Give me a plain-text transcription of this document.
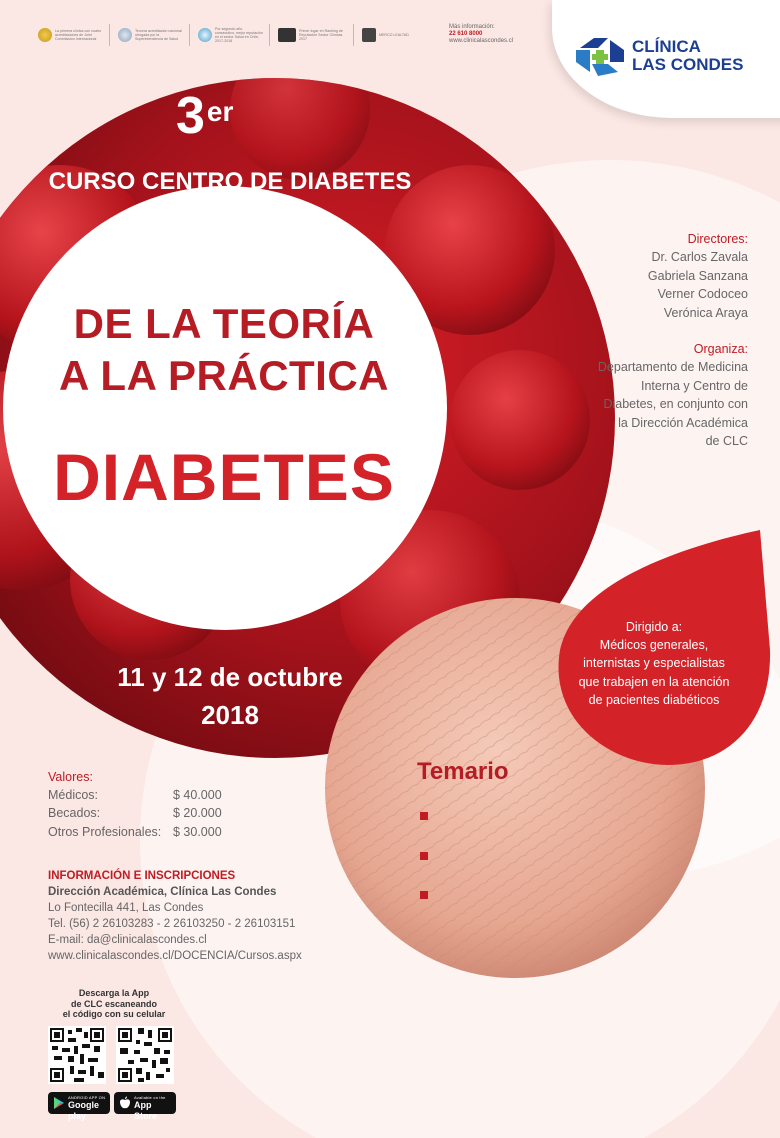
La primera clínica con cuatro acreditaciones de Joint Commission Internacional
Tercera acreditación nacional otorgada por la Superintendencia de Salud
Por segundo año consecutivo, mejor reputación en el sector Salud en Chile, 2017-2018
Primer lugar en Ranking de Reputación Sector Clínicas 2017
MERCO LEALTAD
Más información:
22 610 8000
www.clinicalascondes.cl	CLÍNICA
LAS CONDES
3er
CURSO CENTRO DE DIABETES
DE LA TEORÍA
A LA PRÁCTICA
DIABETES
11 y 12 de octubre
2018
Directores:
Dr. Carlos Zavala
Gabriela Sanzana
Verner Codoceo
Verónica Araya
Organiza:
Departamento de Medicina
Interna y Centro de
Diabetes, en conjunto con
la Dirección Académica
de CLC
Dirigido a:
Médicos generales,
internistas y especialistas
que trabajen en la atención
de pacientes diabéticos
Temario
Valores:
Médicos:	$ 40.000
Becados:	$ 20.000
Otros Profesionales: $ 30.000
INFORMACIÓN E INSCRIPCIONES
Dirección Académica, Clínica Las Condes
Lo Fontecilla 441, Las Condes
Tel. (56) 2 26103283 - 2 26103250 - 2 26103151
E-mail: da@clinicalascondes.cl
www.clinicalascondes.cl/DOCENCIA/Cursos.aspx
Descarga la App
de CLC escaneando
el código con su celular
ANDROID APP ON
Google play
Available on the
App Store
